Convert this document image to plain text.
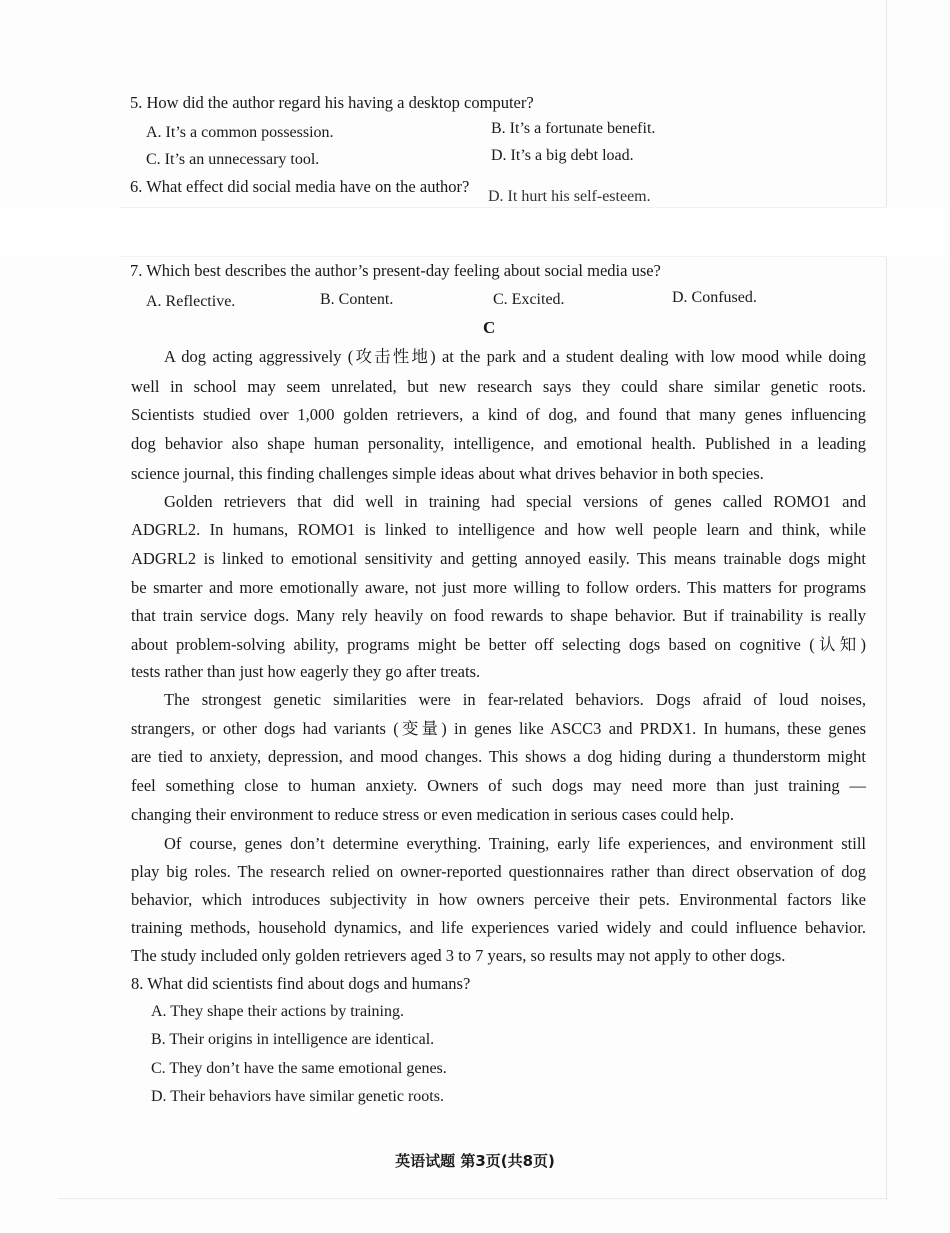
5. How did the author regard his having a desktop computer?
A. It’s a common possession.	B. It’s a fortunate benefit.
C. It’s an unnecessary tool.	D. It’s a big debt load.
6. What effect did social media have on the author?
D. It hurt his self-esteem.
7. Which best describes the author’s present-day feeling about social media use?
A. Reflective.	B. Content.	C. Excited.	D. Confused.
C
A dog acting aggressively (攻击性地) at the park and a student dealing with low mood while doing
well in school may seem unrelated, but new research says they could share similar genetic roots.
Scientists studied over 1,000 golden retrievers, a kind of dog, and found that many genes influencing
dog behavior also shape human personality, intelligence, and emotional health. Published in a leading
science journal, this finding challenges simple ideas about what drives behavior in both species.
Golden retrievers that did well in training had special versions of genes called ROMO1 and
ADGRL2. In humans, ROMO1 is linked to intelligence and how well people learn and think, while
ADGRL2 is linked to emotional sensitivity and getting annoyed easily. This means trainable dogs might
be smarter and more emotionally aware, not just more willing to follow orders. This matters for programs
that train service dogs. Many rely heavily on food rewards to shape behavior. But if trainability is really
about problem-solving ability, programs might be better off selecting dogs based on cognitive (认知)
tests rather than just how eagerly they go after treats.
The strongest genetic similarities were in fear-related behaviors. Dogs afraid of loud noises,
strangers, or other dogs had variants (变量) in genes like ASCC3 and PRDX1. In humans, these genes
are tied to anxiety, depression, and mood changes. This shows a dog hiding during a thunderstorm might
feel something close to human anxiety. Owners of such dogs may need more than just training —
changing their environment to reduce stress or even medication in serious cases could help.
Of course, genes don’t determine everything. Training, early life experiences, and environment still
play big roles. The research relied on owner-reported questionnaires rather than direct observation of dog
behavior, which introduces subjectivity in how owners perceive their pets. Environmental factors like
training methods, household dynamics, and life experiences varied widely and could influence behavior.
The study included only golden retrievers aged 3 to 7 years, so results may not apply to other dogs.
8. What did scientists find about dogs and humans?
A. They shape their actions by training.
B. Their origins in intelligence are identical.
C. They don’t have the same emotional genes.
D. Their behaviors have similar genetic roots.
英语试题 第3页(共8页)
